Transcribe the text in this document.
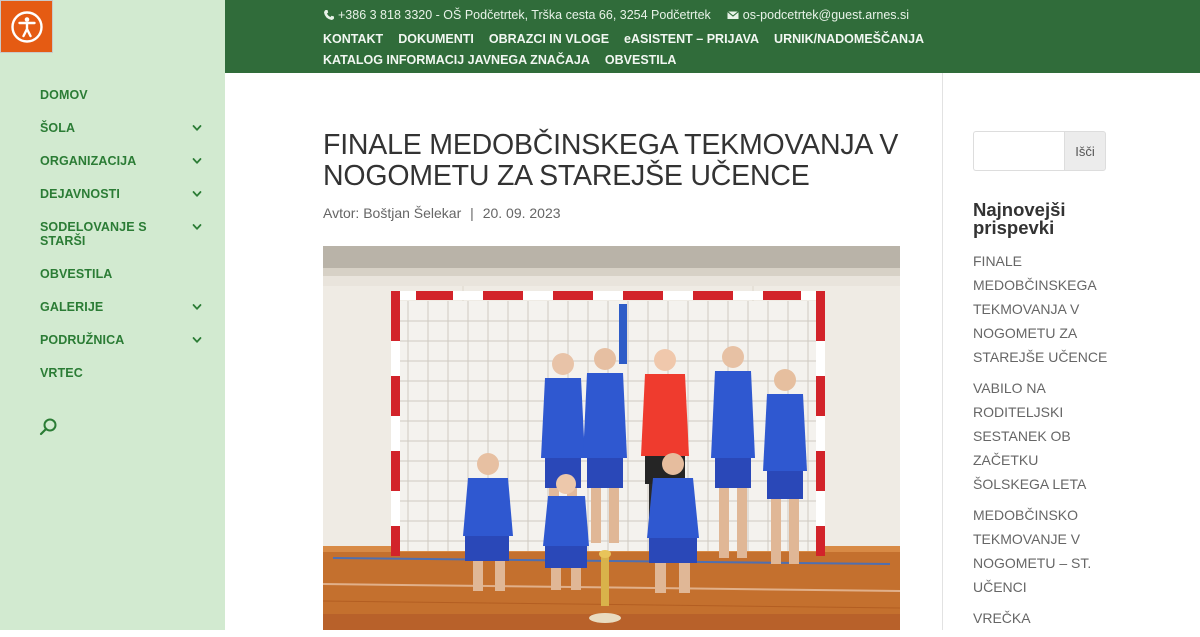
DOMOV
ŠOLA
ORGANIZACIJA
DEJAVNOSTI
SODELOVANJE S STARŠI
OBVESTILA
GALERIJE
PODRUŽNICA
VRTEC
+386 3 818 3320 - OŠ Podčetrtek, Trška cesta 66, 3254 Podčetrtek	os-podcetrtek@guest.arnes.si
KONTAKT DOKUMENTI OBRAZCI IN VLOGE eASISTENT – PRIJAVA URNIK/NADOMEŠČANJAKATALOG INFORMACIJ JAVNEGA ZNAČAJA OBVESTILA
FINALE MEDOBČINSKEGA TEKMOVANJA V NOGOMETU ZA STAREJŠE UČENCE
Avtor: Boštjan Šelekar | 20. 09. 2023
Išči
Najnovejši prispevki
FINALE MEDOBČINSKEGA TEKMOVANJA V NOGOMETU ZA STAREJŠE UČENCE
VABILO NA RODITELJSKI SESTANEK OB ZAČETKU ŠOLSKEGA LETA
MEDOBČINSKO TEKMOVANJE V NOGOMETU – ST. UČENCI
VREČKA
